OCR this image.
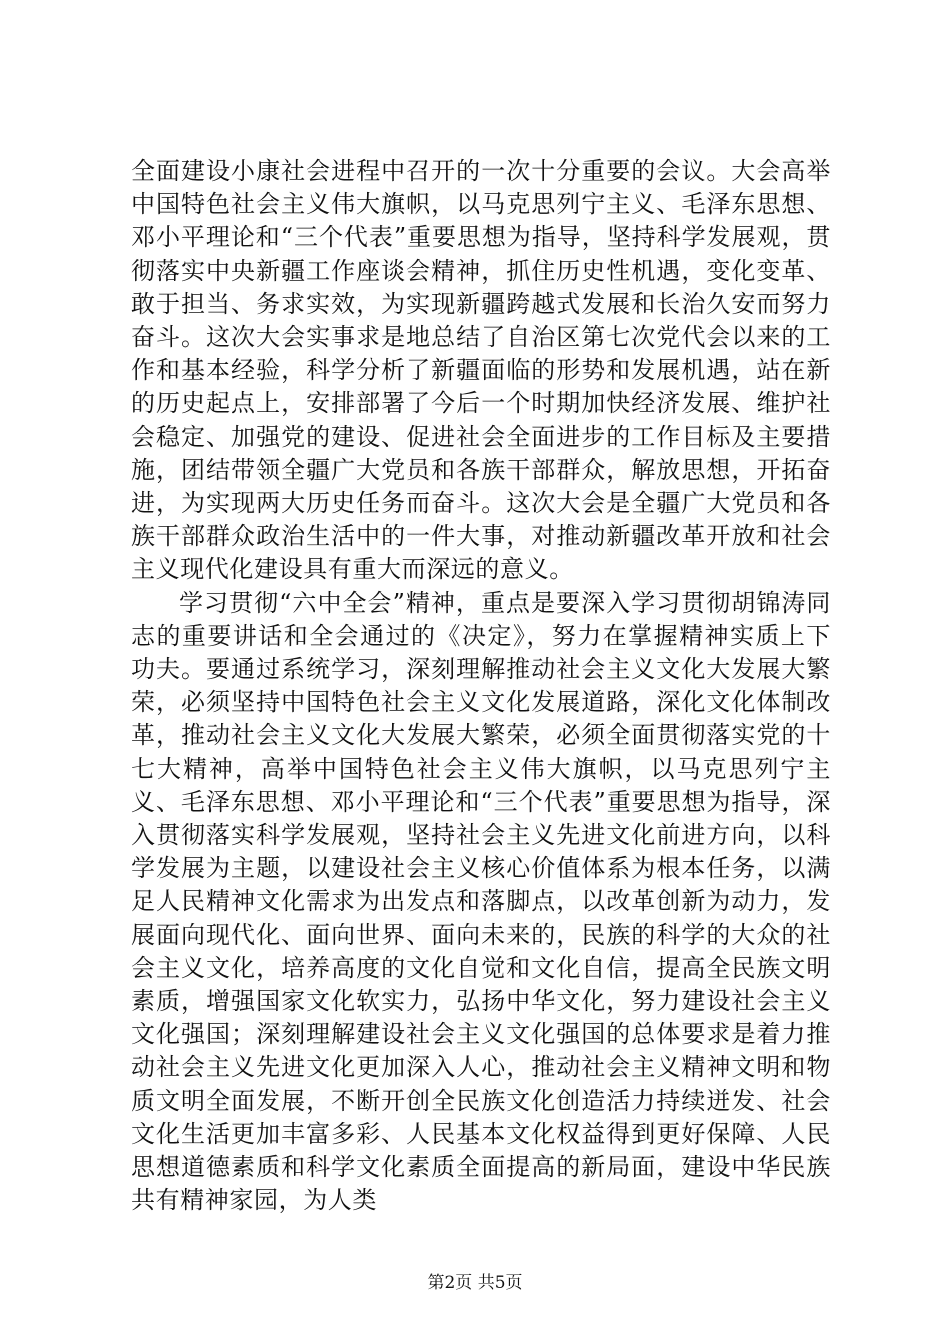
全面建设小康社会进程中召开的一次十分重要的会议。大会高举中国特色社会主义伟大旗帜，以马克思列宁主义、毛泽东思想、邓小平理论和“三个代表”重要思想为指导，坚持科学发展观，贯彻落实中央新疆工作座谈会精神，抓住历史性机遇，变化变革、敢于担当、务求实效，为实现新疆跨越式发展和长治久安而努力奋斗。这次大会实事求是地总结了自治区第七次党代会以来的工作和基本经验，科学分析了新疆面临的形势和发展机遇，站在新的历史起点上，安排部署了今后一个时期加快经济发展、维护社会稳定、加强党的建设、促进社会全面进步的工作目标及主要措施，团结带领全疆广大党员和各族干部群众，解放思想，开拓奋进，为实现两大历史任务而奋斗。这次大会是全疆广大党员和各族干部群众政治生活中的一件大事，对推动新疆改革开放和社会主义现代化建设具有重大而深远的意义。

学习贯彻“六中全会”精神，重点是要深入学习贯彻胡锦涛同志的重要讲话和全会通过的《决定》，努力在掌握精神实质上下功夫。要通过系统学习，深刻理解推动社会主义文化大发展大繁荣，必须坚持中国特色社会主义文化发展道路，深化文化体制改革，推动社会主义文化大发展大繁荣，必须全面贯彻落实党的十七大精神，高举中国特色社会主义伟大旗帜，以马克思列宁主义、毛泽东思想、邓小平理论和“三个代表”重要思想为指导，深入贯彻落实科学发展观，坚持社会主义先进文化前进方向，以科学发展为主题，以建设社会主义核心价值体系为根本任务，以满足人民精神文化需求为出发点和落脚点，以改革创新为动力，发展面向现代化、面向世界、面向未来的，民族的科学的大众的社会主义文化，培养高度的文化自觉和文化自信，提高全民族文明素质，增强国家文化软实力，弘扬中华文化，努力建设社会主义文化强国；深刻理解建设社会主义文化强国的总体要求是着力推动社会主义先进文化更加深入人心，推动社会主义精神文明和物质文明全面发展，不断开创全民族文化创造活力持续迸发、社会文化生活更加丰富多彩、人民基本文化权益得到更好保障、人民思想道德素质和科学文化素质全面提高的新局面，建设中华民族共有精神家园，为人类

第2页 共5页
